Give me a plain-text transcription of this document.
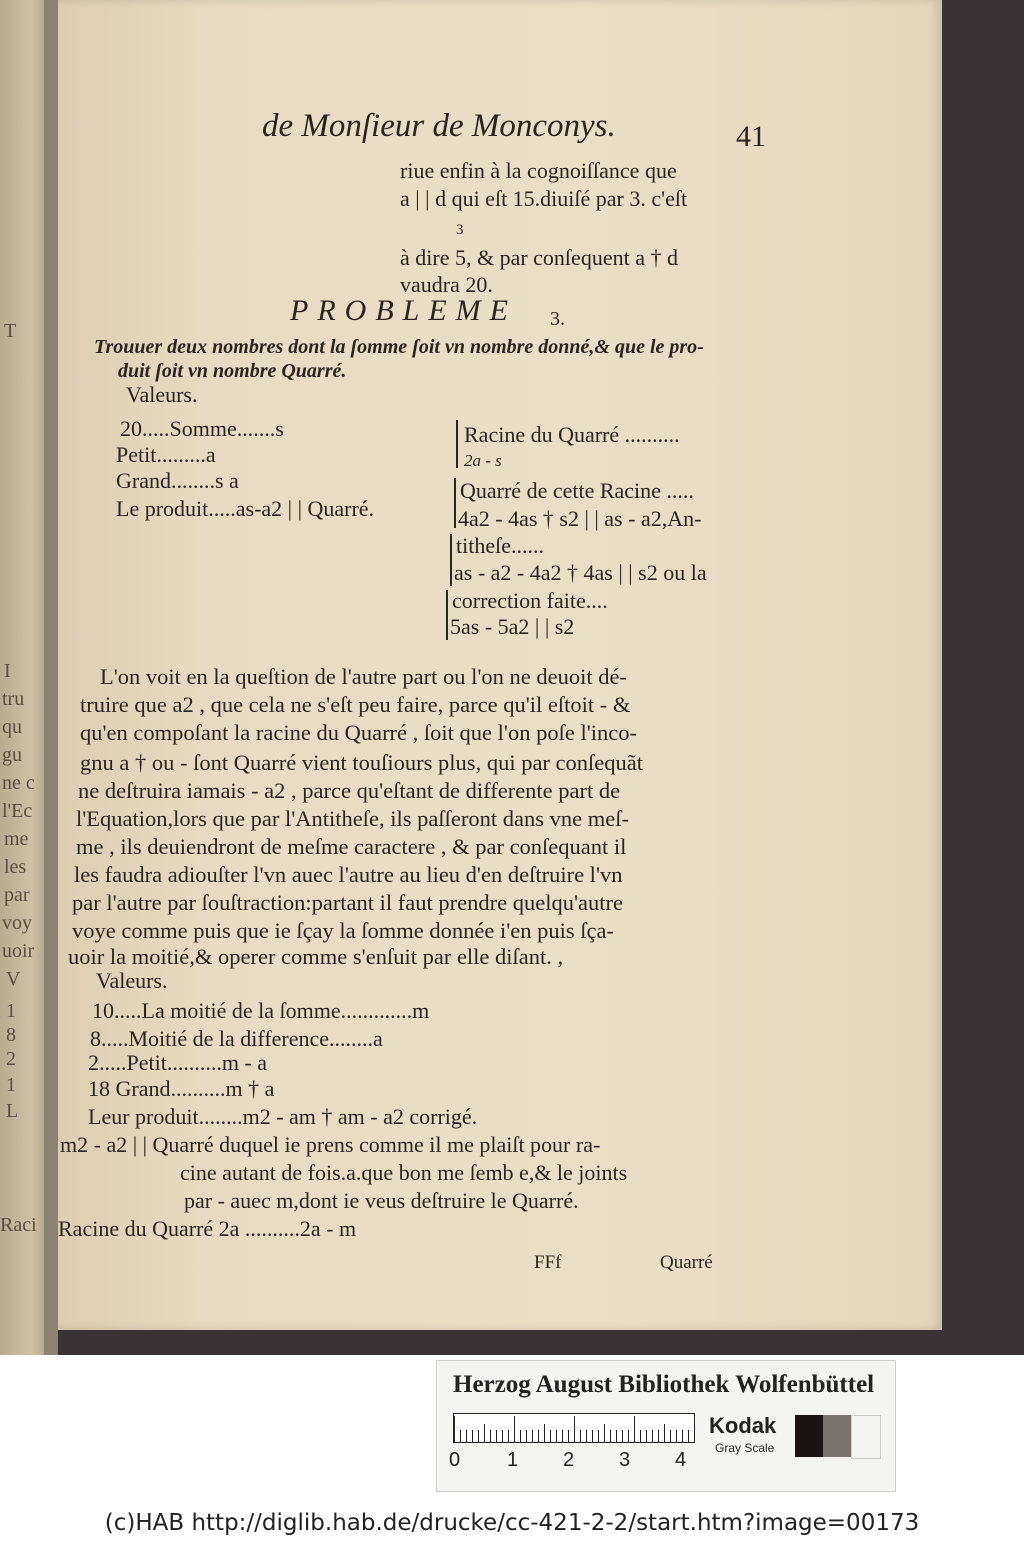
T
I
tru
qu
gu
ne c
l'Ec
me
les
par
voy
uoir
V
1
8
2
1
L
Raci
de Monſieur de Monconys.	41
riue enfin à la cognoiſſance que
a | | d qui eſt 15.diuiſé par 3. c'eſt
3
à dire 5, & par conſequent a † d
vaudra 20.
PROBLEME 3.
Trouuer deux nombres dont la ſomme ſoit vn nombre donné,& que le pro-
duit ſoit vn nombre Quarré.
Valeurs.
20.....Somme.......s
Petit.........a
Grand........s a
Le produit.....as-a2 | | Quarré.
Racine du Quarré ..........
2a - s
Quarré de cette Racine .....
4a2 - 4as † s2 | | as - a2,An-
titheſe......
as - a2 - 4a2 † 4as | | s2 ou la
correction faite....
5as - 5a2 | | s2
L'on voit en la queſtion de l'autre part ou l'on ne deuoit dé-
truire que a2 , que cela ne s'eſt peu faire, parce qu'il eſtoit - &
qu'en compoſant la racine du Quarré , ſoit que l'on poſe l'inco-
gnu a † ou - ſont Quarré vient touſiours plus, qui par conſequãt
ne deſtruira iamais - a2 , parce qu'eſtant de differente part de
l'Equation,lors que par l'Antitheſe, ils paſſeront dans vne meſ-
me , ils deuiendront de meſme caractere , & par conſequant il
les faudra adiouſter l'vn auec l'autre au lieu d'en deſtruire l'vn
par l'autre par ſouſtraction:partant il faut prendre quelqu'autre
voye comme puis que ie ſçay la ſomme donnée i'en puis ſça-
uoir la moitié,& operer comme s'enſuit par elle diſant. ,
Valeurs.
10.....La moitié de la ſomme.............m
8.....Moitié de la difference........a
2.....Petit..........m - a
18 Grand..........m † a
Leur produit........m2 - am † am - a2 corrigé.
m2 - a2 | | Quarré duquel ie prens comme il me plaiſt pour ra-
cine autant de fois.a.que bon me ſemb e,& le joints
par - auec m,dont ie veus deſtruire le Quarré.
Racine du Quarré 2a ..........2a - m
FFf	Quarré
Herzog August Bibliothek Wolfenbüttel
0 1 2 3 4
Kodak
Gray Scale
(c)HAB http://diglib.hab.de/drucke/cc-421-2-2/start.htm?image=00173
